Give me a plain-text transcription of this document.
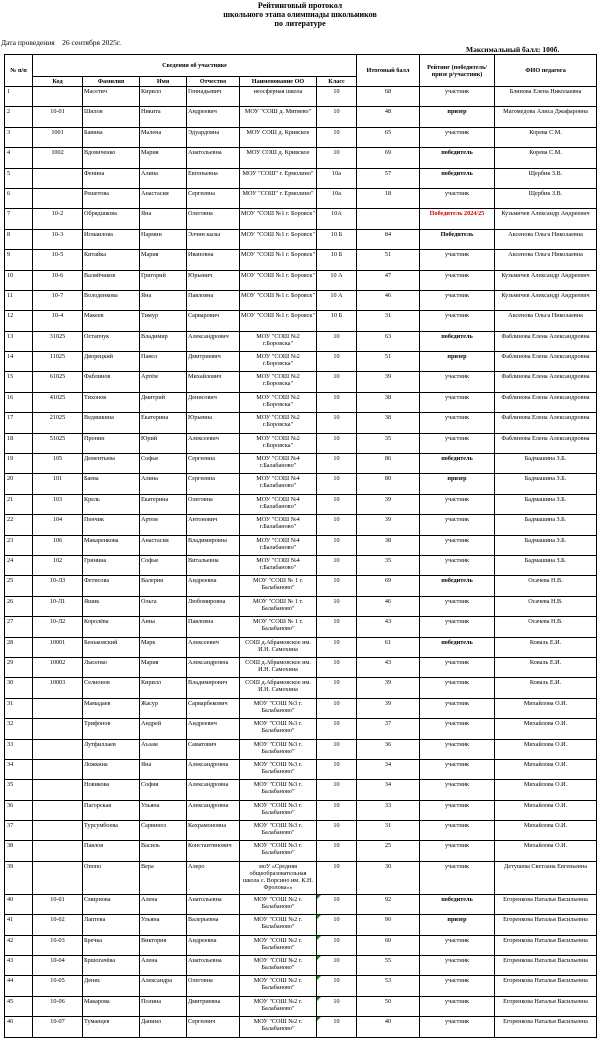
Рейтинговый протокол
школьного этапа олимпиады школьников
по литературе
Дата проведения    26 сентября 2025г.
Максимальный балл: 100б.
№ п/п	Сведения об участнике						Итоговый балл	Рейтинг (победитель/призе р/участник)	ФИО педагога
	Код	Фамилия	Имя	Отчество	Наименование ОО	Класс			
1		Масетич	Кирилл	Геннадьевич	неосферная школа	10	68	участник	Блинова Елена Николаевна
2	10-01	Шилов	Никита	Андреевич	МОУ "СОШ д. Митяево"	10	48	призер	Магомедова Алиса Джафаровна
3	1001	Бавина	Малена	Эдуардовна	МОУ СОШ д. Кривское	10	65	участник	Корева С.М.
4	1002	Вдовиченко	Мария	Анатольевна	МОУ СОШ д. Кривское	10	69	победитель	Корева С.М.
5		Фенина	Алина	Евгеньевна	МОУ "СОШ" г. Ермолино"	10а	57	победитель	Щербик З.В.
6		Решетова	Анастасия	Сергеевна	МОУ "СОШ" г. Ермолино"	10а	18	участник	Щербик З.В.
7	10-2	Обрядшкова	Яна	Олеговна	МОУ "СОШ №1 г. Боровск"	10А		Победитель 2024/25	Кузьмичев Александр Андреевич
8	10-3	Исмаилова	Нармин	Элчин кызы	МОУ "СОШ №1 г. Боровск"	10 Б	84	Победитель	Аксенова Ольга Николаевна
9	10-5	Китайка	Мария	Ивановна	МОУ "СОШ №1 г. Боровск"	10 Б	51	участник	Аксенова Ольга Николаевна
10	10-6	Валяйчиков	Григорий	Юрьевич	МОУ "СОШ №1 г. Боровск"	10 А	47	участник	Кузьмичев Александр Андреевич
11	10-7	Володенкова	Яна	Павловна	МОУ "СОШ №1 г. Боровск"	10 А	46	участник	Кузьмичев Александр Андреевич
12	10-4	Макеев	Тимур	Сарварович	МОУ "СОШ №1 г. Боровск"	10 Б	31	участник	Аксенова Ольга Николаевна
13	31025	Остапчук	Владимир	Александрович	МОУ "СОШ №2 г.Боровска"	10	63	победитель	Фаблинова Елена Александровна
14	11025	Дворецкий	Павел	Дмитриевич	МОУ "СОШ №2 г.Боровска"	10	51	призер	Фаблинова Елена Александровна
15	61025	Фаблинов	Артём	Михайлович	МОУ "СОШ №2 г.Боровска"	10	39	участник	Фаблинова Елена Александровна
16	41025	Тихонов	Дмитрий	Денисович	МОУ "СОШ №2 г.Боровска"	10	38	участник	Фаблинова Елена Александровна
17	21025	Ведяшкина	Екатерина	Юрьевна	МОУ "СОШ №2 г.Боровска"	10	38	участник	Фаблинова Елена Александровна
18	51025	Пронин	Юрий	Алексеевич	МОУ "СОШ №2 г.Боровска"	10	35	участник	Фаблинова Елена Александровна
19	105	Дементьева	Софья	Сергеевна	МОУ "СОШ №4 г.Балабаново"	10	86	победитель	Бадмашина З.Б.
20	101	Баева	Алина	Сергеевна	МОУ "СОШ №4 г.Балабаново"	10	80	призер	Бадмашина З.Б.
21	103	Крель	Екатерина	Олеговна	МОУ "СОШ №4 г.Балабаново"	10	39	участник	Бадмашина З.Б.
22	104	Пенчик	Артем	Антонович	МОУ "СОШ №4 г.Балабаново"	10	39	участник	Бадмашина З.Б.
23	106	Макаренкова	Анастасия	Владимировна	МОУ "СОШ №4 г.Балабаново"	10	38	участник	Бадмашина З.Б.
24	102	Гринина	Софья	Витальевна	МОУ "СОШ №4 г.Балабаново"	10	35	участник	Бадмашина З.Б.
25	10-Л3	Фетисова	Валерия	Андреевна	МОУ "СОШ № 1 г. Балабаново"	10	69	победитель	Осачева Н.В.
26	10-Л1	Яшик	Ольга	Любомировна	МОУ "СОШ № 1 г. Балабаново"	10	46	участник	Осачева Н.В.
27	10-Л2	Королёва	Анна	Павловна	МОУ "СОШ № 1 г. Балабаново"	10	43	участник	Осачева Н.В.
28	10001	Беньковский	Марк	Алексеевич	СОШ д.Абрамовское им. И.Н. Самохина	10	61	победитель	Коваль Е.И.
29	10002	Лысенко	Мария	Александровна	СОШ д.Абрамовское им. И.Н. Самохина	10	43	участник	Коваль Е.И.
30	10003	Селионов	Кирилл	Владимирович	СОШ д.Абрамовское им. И.Н. Самохина	10	39	участник	Коваль Е.И.
31		Мамадаев	Жасур	Сарварбекович	МОУ "СОШ №3 г. Балабаново"	10	39	участник	Михайлова О.И.
32		Трифонов	Андрей	Андреевич	МОУ "СОШ №3 г. Балабаново"	10	37	участник	Михайлова О.И.
33		Лутфиллаев	Аъзам	Саматович	МОУ "СОШ №3 г. Балабаново"	10	36	участник	Михайлова О.И.
34		Ложкина	Яна	Александровна	МОУ "СОШ №3 г. Балабаново"	10	34	участник	Михайлова О.И.
35		Новикова	София	Александровна	МОУ "СОШ №3 г. Балабаново"	10	34	участник	Михайлова О.И.
36		Пагорская	Ульяна	Александровна	МОУ "СОШ №3 г. Балабаново"	10	33	участник	Михайлова О.И.
37		Турсумбоева	Сарвиноз	Кахрамоновна	МОУ "СОШ №3 г. Балабаново"	10	31	участник	Михайлова О.И.
38		Павлов	Василь	Константинович	МОУ "СОШ №3 г. Балабаново"	10	25	участник	Михайлова О.И.
39		Опопо	Вера	Алеро	моУ «Средняя общеобразовательная школа с. Ворсино им. К.Н. Фролова»»	10	30	участник	Детушева Светлана Евгеньевна
40	10-01	Смирнова	Алена	Анатольевна	МОУ "СОШ №2 г. Балабаново"	10	92	победитель	Егоренкова Наталья Васильевна
41	10-02	Лаптева	Ульяна	Валерьевна	МОУ "СОШ №2 г. Балабаново"	10	90	призер	Егоренкова Наталья Васильевна
42	10-03	Бречка	Виктория	Андреевна	МОУ "СОШ №2 г. Балабаново"	10	60	участник	Егоренкова Наталья Васильевна
43	10-04	Бршогачёва	Алена	Анатольевна	МОУ "СОШ №2 г. Балабаново"	10	55	участник	Егоренкова Наталья Васильевна
44	10-05	Денис	Александра	Олеговна	МОУ "СОШ №2 г. Балабаново"	10	53	участник	Егоренкова Наталья Васильевна
45	10-06	Макарова	Полина	Дмитриевна	МОУ "СОШ №2 г. Балабаново"	10	50	участник	Егоренкова Наталья Васильевна
46	10-07	Туманцев	Даниил	Сергеевич	МОУ "СОШ №2 г. Балабаново"	10	40	участник	Егоренкова Наталья Васильевна
